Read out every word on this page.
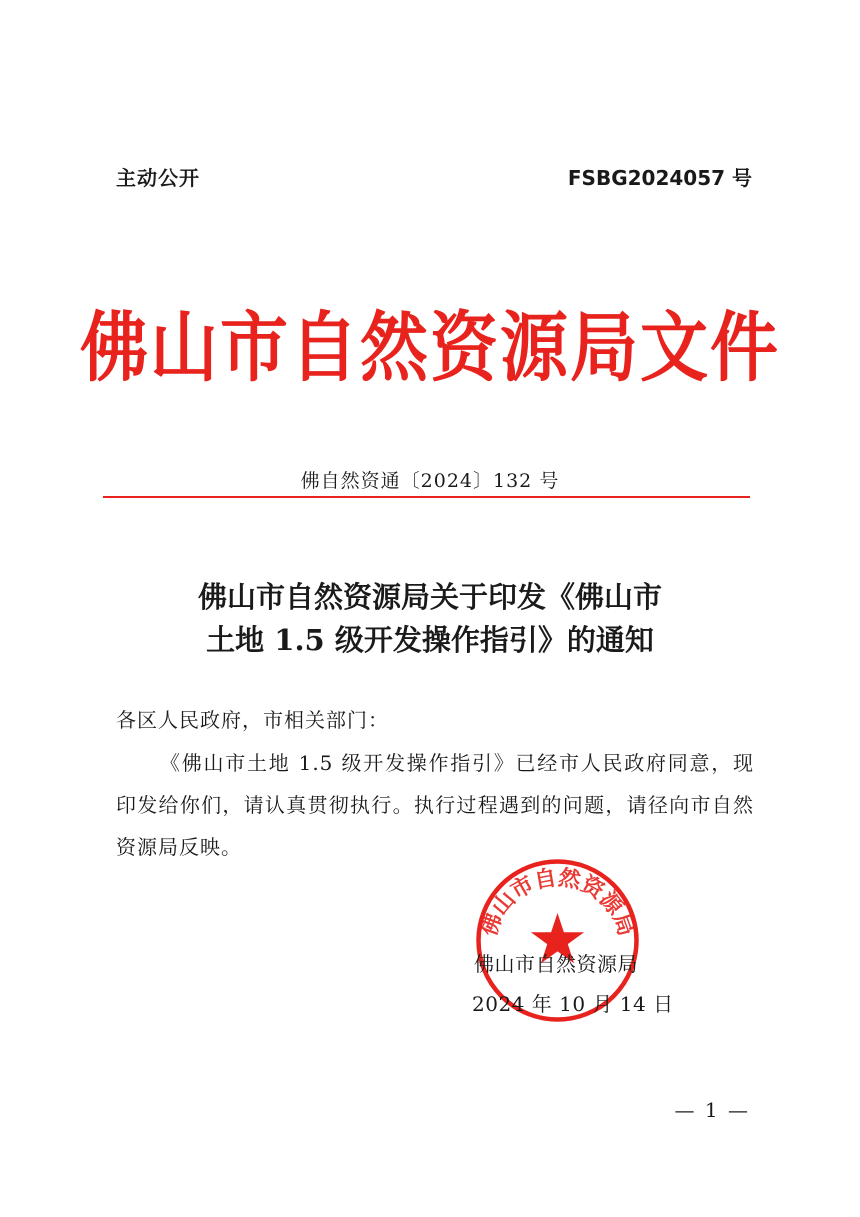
主动公开	FSBG2024057 号
佛山市自然资源局文件
佛自然资通〔2024〕132 号
佛山市自然资源局关于印发《佛山市
土地 1.5 级开发操作指引》的通知
各区人民政府，市相关部门：
《佛山市土地 1.5 级开发操作指引》已经市人民政府同意，现印发给你们，请认真贯彻执行。执行过程遇到的问题，请径向市自然资源局反映。
佛山市自然资源局
佛山市自然资源局
2024 年 10 月 14 日
— 1 —
